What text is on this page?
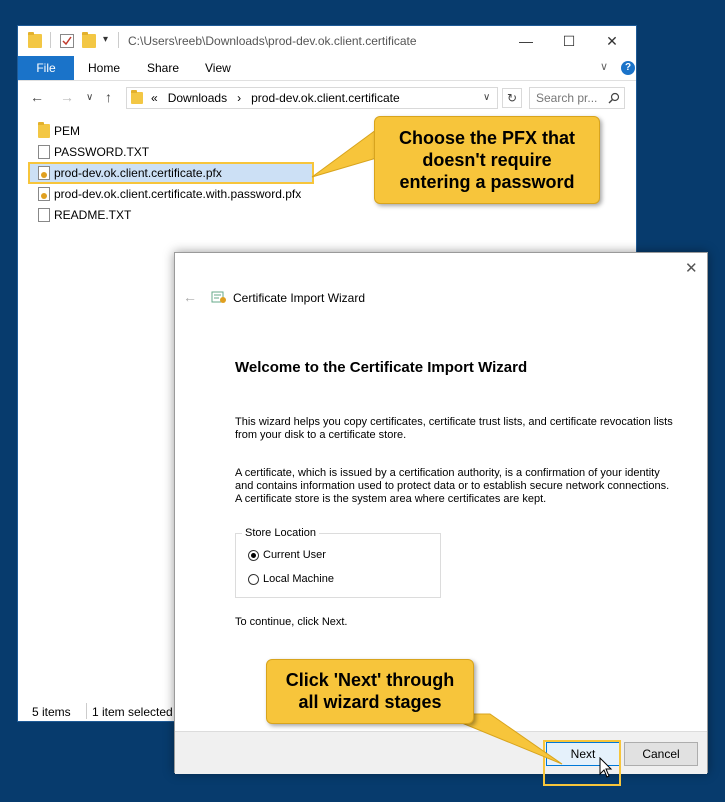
▾ C:\Users\reeb\Downloads\prod-dev.ok.client.certificate	—	☐	✕
File	Home Share View	∨	?
← → ∨ ↑	« Downloads › prod-dev.ok.client.certificate	∨	↻	Search pr...
PEM
PASSWORD.TXT
prod-dev.ok.client.certificate.pfx
prod-dev.ok.client.certificate.with.password.pfx
README.TXT
5 items 1 item selected
Choose the PFX that
doesn't require
entering a password
✕
←	Certificate Import Wizard
Welcome to the Certificate Import Wizard
This wizard helps you copy certificates, certificate trust lists, and certificate revocation lists from your disk to a certificate store.
A certificate, which is issued by a certification authority, is a confirmation of your identity and contains information used to protect data or to establish secure network connections. A certificate store is the system area where certificates are kept.
Store Location
Current User
Local Machine
To continue, click Next.
Next	Cancel
Click 'Next' through
all wizard stages
